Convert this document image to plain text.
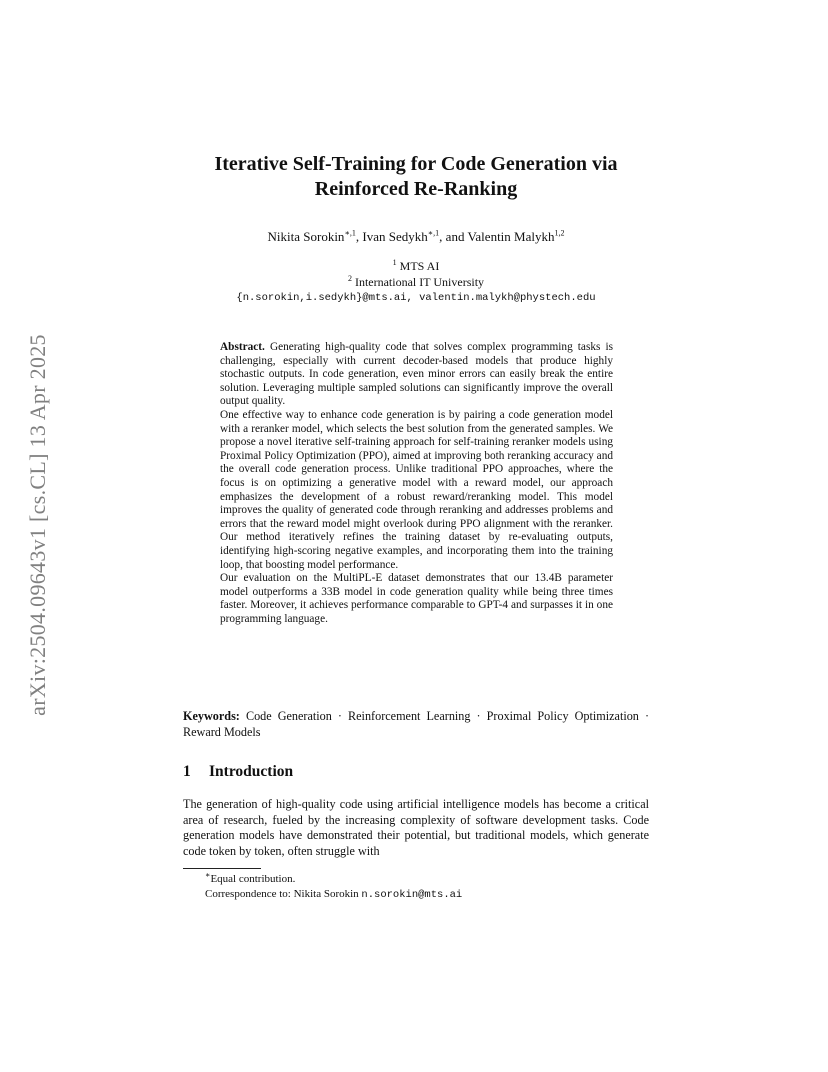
arXiv:2504.09643v1 [cs.CL] 13 Apr 2025
Iterative Self-Training for Code Generation via
Reinforced Re-Ranking
Nikita Sorokin$^{∗,1}$, Ivan Sedykh$^{∗,1}$, and Valentin Malykh$^{1,2}$
$^1$ MTS AI
$^2$ International IT University
{n.sorokin,i.sedykh}@mts.ai, valentin.malykh@phystech.edu

Abstract. Generating high-quality code that solves complex programming tasks is challenging, especially with current decoder-based models that produce highly stochastic outputs. In code generation, even minor errors can easily break the entire solution. Leveraging multiple sampled solutions can significantly improve the overall output quality.

One effective way to enhance code generation is by pairing a code generation model with a reranker model, which selects the best solution from the generated samples. We propose a novel iterative self-training approach for self-training reranker models using Proximal Policy Optimization (PPO), aimed at improving both reranking accuracy and the overall code generation process. Unlike traditional PPO approaches, where the focus is on optimizing a generative model with a reward model, our approach emphasizes the development of a robust reward/reranking model. This model improves the quality of generated code through reranking and addresses problems and errors that the reward model might overlook during PPO alignment with the reranker. Our method iteratively refines the training dataset by re-evaluating outputs, identifying high-scoring negative examples, and incorporating them into the training loop, that boosting model performance.

Our evaluation on the MultiPL-E dataset demonstrates that our 13.4B parameter model outperforms a 33B model in code generation quality while being three times faster. Moreover, it achieves performance comparable to GPT-4 and surpasses it in one programming language.

Keywords: Code Generation · Reinforcement Learning · Proximal Policy Optimization · Reward Models
1 Introduction

The generation of high-quality code using artificial intelligence models has become a critical area of research, fueled by the increasing complexity of software development tasks. Code generation models have demonstrated their potential, but traditional models, which generate code token by token, often struggle with

∗Equal contribution.
Correspondence to: Nikita Sorokin n.sorokin@mts.ai
